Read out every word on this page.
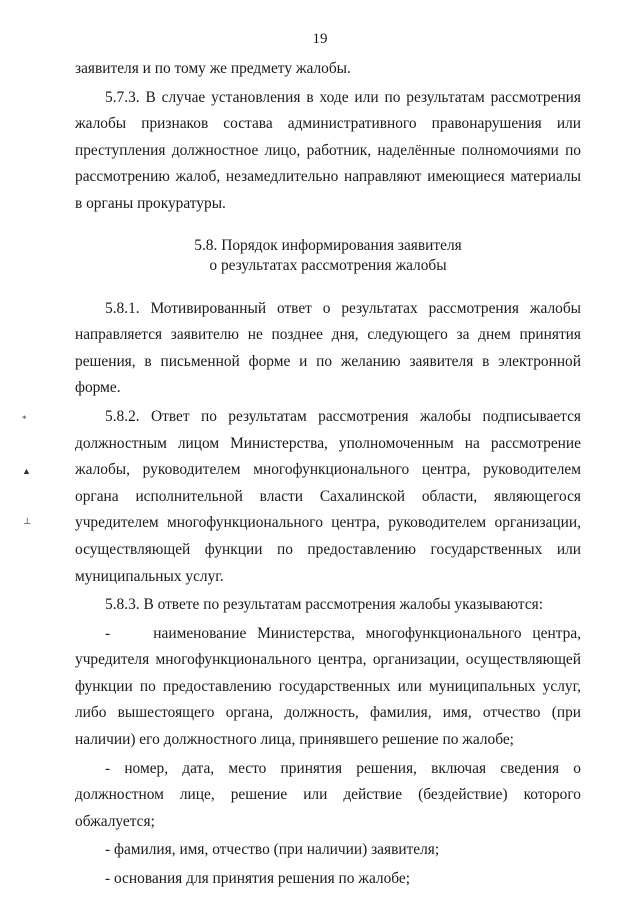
19

заявителя и по тому же предмету жалобы.

5.7.3. В случае установления в ходе или по результатам рассмотрения жалобы признаков состава административного правонарушения или преступления должностное лицо, работник, наделённые полномочиями по рассмотрению жалоб, незамедлительно направляют имеющиеся материалы в органы прокуратуры.

5.8. Порядок информирования заявителя
о результатах рассмотрения жалобы

5.8.1. Мотивированный ответ о результатах рассмотрения жалобы направляется заявителю не позднее дня, следующего за днем принятия решения, в письменной форме и по желанию заявителя в электронной форме.

5.8.2. Ответ по результатам рассмотрения жалобы подписывается должностным лицом Министерства, уполномоченным на рассмотрение жалобы, руководителем многофункционального центра, руководителем органа исполнительной власти Сахалинской области, являющегося учредителем многофункционального центра, руководителем организации, осуществляющей функции по предоставлению государственных или муниципальных услуг.

5.8.3. В ответе по результатам рассмотрения жалобы указываются:

-    наименование Министерства, многофункционального центра, учредителя многофункционального центра, организации, осуществляющей функции по предоставлению государственных или муниципальных услуг, либо вышестоящего органа, должность, фамилия, имя, отчество (при наличии) его должностного лица, принявшего решение по жалобе;

- номер, дата, место принятия решения, включая сведения о должностном лице, решение или действие (бездействие) которого обжалуется;

- фамилия, имя, отчество (при наличии) заявителя;

- основания для принятия решения по жалобе;

*
▲
┴
